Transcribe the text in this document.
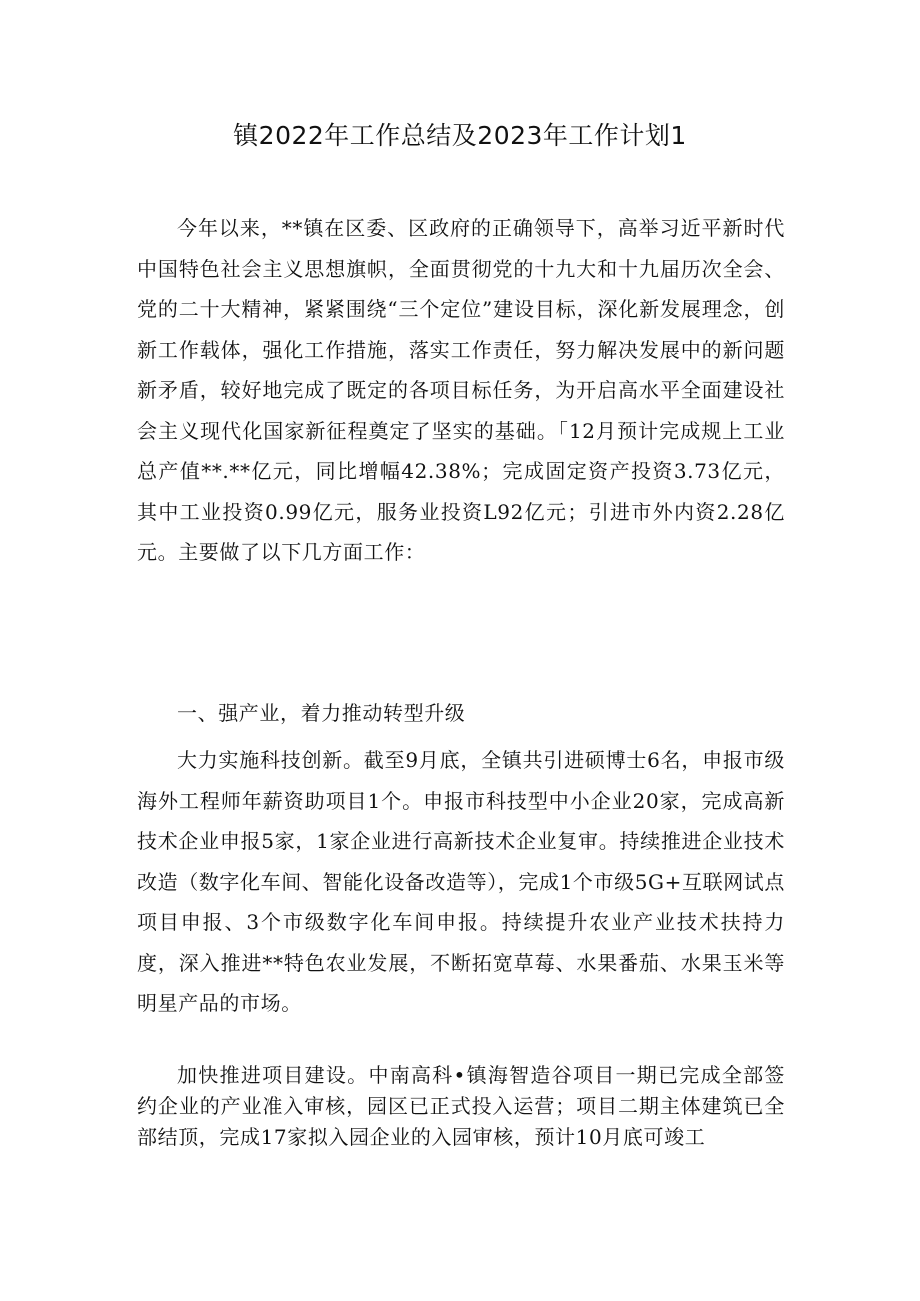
镇2022年工作总结及2023年工作计划1

今年以来，**镇在区委、区政府的正确领导下，高举习近平新时代中国特色社会主义思想旗帜，全面贯彻党的十九大和十九届历次全会、党的二十大精神，紧紧围绕“三个定位”建设目标，深化新发展理念，创新工作载体，强化工作措施，落实工作责任，努力解决发展中的新问题新矛盾，较好地完成了既定的各项目标任务，为开启高水平全面建设社会主义现代化国家新征程奠定了坚实的基础。「12月预计完成规上工业总产值**.**亿元，同比增幅42.38%；完成固定资产投资3.73亿元，其中工业投资0.99亿元，服务业投资L92亿元；引进市外内资2.28亿元。主要做了以下几方面工作：

一、强产业，着力推动转型升级

大力实施科技创新。截至9月底，全镇共引进硕博士6名，申报市级海外工程师年薪资助项目1个。申报市科技型中小企业20家，完成高新技术企业申报5家，1家企业进行高新技术企业复审。持续推进企业技术改造（数字化车间、智能化设备改造等），完成1个市级5G+互联网试点项目申报、3个市级数字化车间申报。持续提升农业产业技术扶持力度，深入推进**特色农业发展，不断拓宽草莓、水果番茄、水果玉米等明星产品的市场。

加快推进项目建设。中南高科•镇海智造谷项目一期已完成全部签约企业的产业准入审核，园区已正式投入运营；项目二期主体建筑已全部结顶，完成17家拟入园企业的入园审核，预计10月底可竣工
